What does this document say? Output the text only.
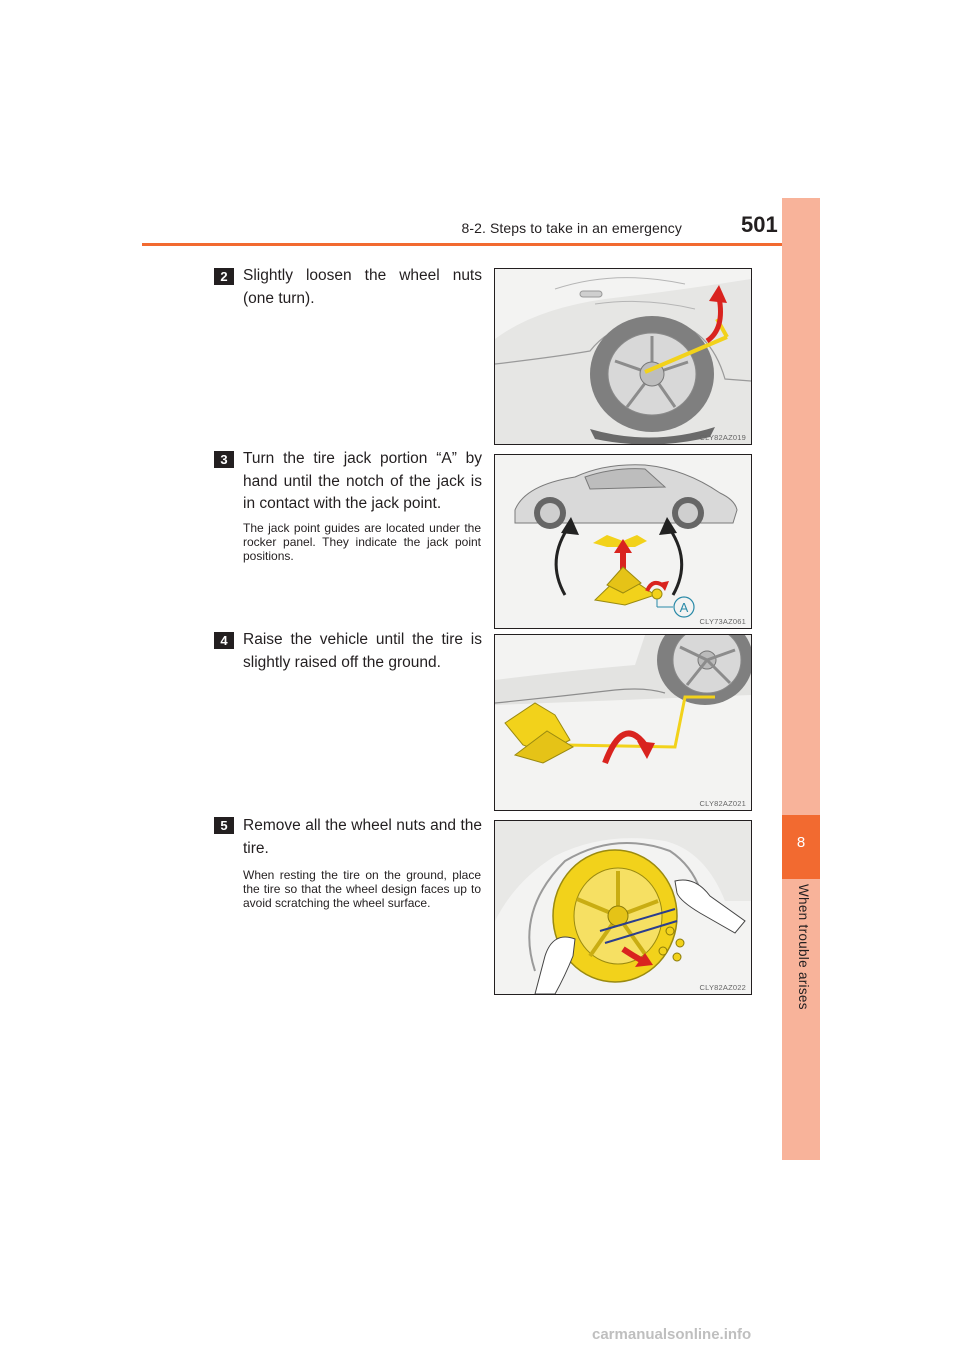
8-2. Steps to take in an emergency	501
8
When trouble arises
2 Slightly loosen the wheel nuts (one turn).
CLY82AZ019
3 Turn the tire jack portion “A” by hand until the notch of the jack is in contact with the jack point.
The jack point guides are located under the rocker panel. They indicate the jack point positions.
A
CLY73AZ061
4 Raise the vehicle until the tire is slightly raised off the ground.
CLY82AZ021
5 Remove all the wheel nuts and the tire.
When resting the tire on the ground, place the tire so that the wheel design faces up to avoid scratching the wheel surface.
CLY82AZ022
carmanualsonline.info
